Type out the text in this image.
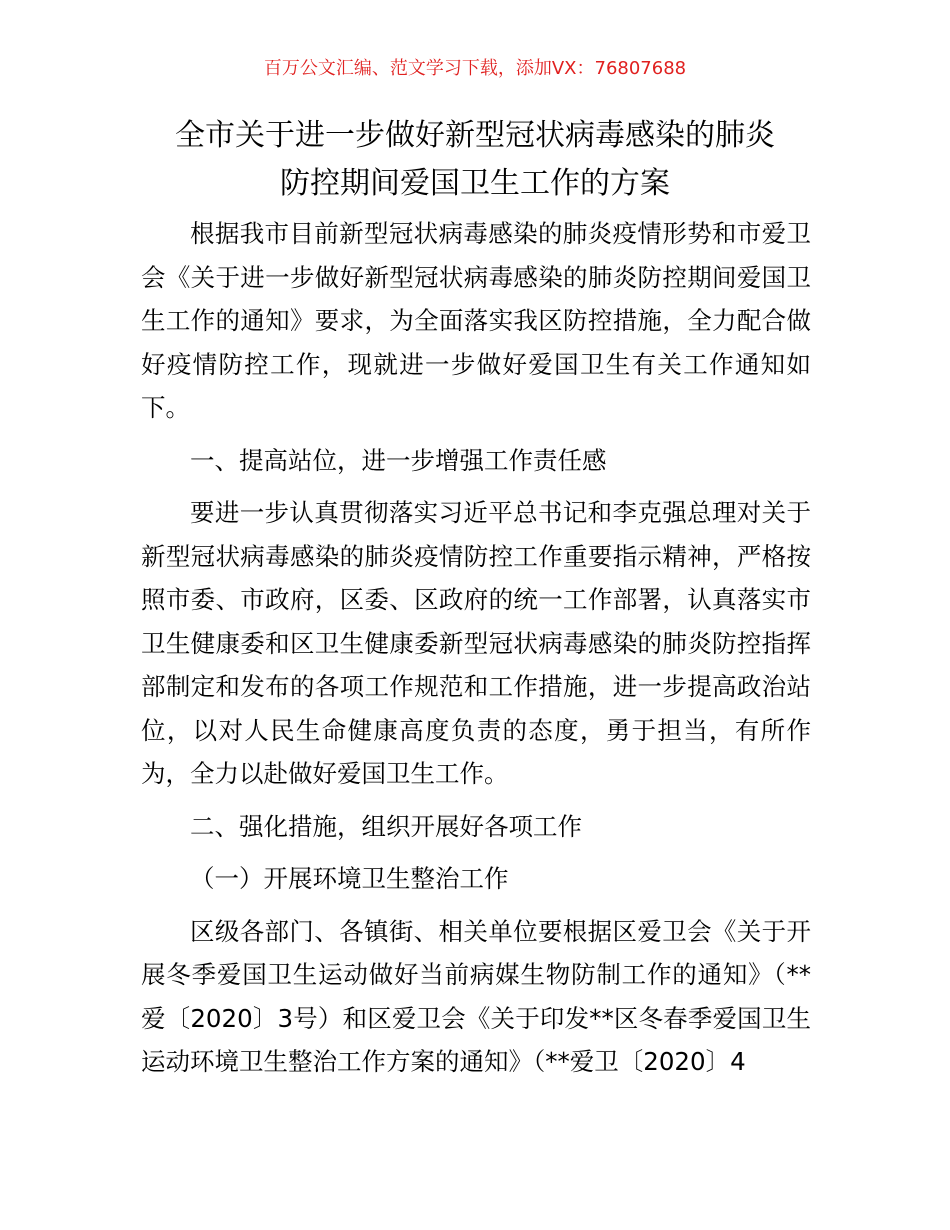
百万公文汇编、范文学习下载，添加VX：76807688
全市关于进一步做好新型冠状病毒感染的肺炎
防控期间爱国卫生工作的方案

根据我市目前新型冠状病毒感染的肺炎疫情形势和市爱卫会《关于进一步做好新型冠状病毒感染的肺炎防控期间爱国卫生工作的通知》要求，为全面落实我区防控措施，全力配合做好疫情防控工作，现就进一步做好爱国卫生有关工作通知如下。

一、提高站位，进一步增强工作责任感

要进一步认真贯彻落实习近平总书记和李克强总理对关于新型冠状病毒感染的肺炎疫情防控工作重要指示精神，严格按照市委、市政府，区委、区政府的统一工作部署，认真落实市卫生健康委和区卫生健康委新型冠状病毒感染的肺炎防控指挥部制定和发布的各项工作规范和工作措施，进一步提高政治站位，以对人民生命健康高度负责的态度，勇于担当，有所作为，全力以赴做好爱国卫生工作。

二、强化措施，组织开展好各项工作

（一）开展环境卫生整治工作

区级各部门、各镇街、相关单位要根据区爱卫会《关于开展冬季爱国卫生运动做好当前病媒生物防制工作的通知》（**爱〔2020〕3号）和区爱卫会《关于印发**区冬春季爱国卫生运动环境卫生整治工作方案的通知》（**爱卫〔2020〕4
